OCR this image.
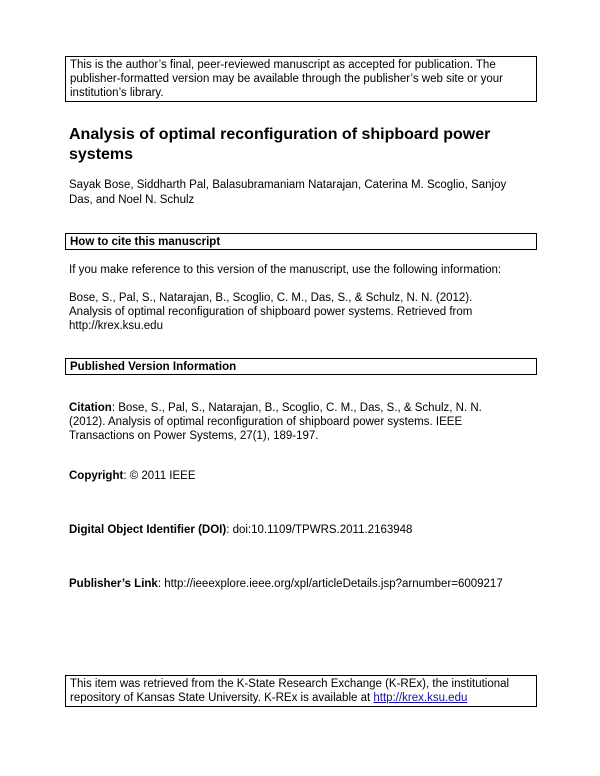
This is the author’s final, peer-reviewed manuscript as accepted for publication. The
publisher-formatted version may be available through the publisher’s web site or your
institution’s library.
Analysis of optimal reconfiguration of shipboard power
systems
Sayak Bose, Siddharth Pal, Balasubramaniam Natarajan, Caterina M. Scoglio, Sanjoy
Das, and Noel N. Schulz
How to cite this manuscript
If you make reference to this version of the manuscript, use the following information:
Bose, S., Pal, S., Natarajan, B., Scoglio, C. M., Das, S., & Schulz, N. N. (2012).
Analysis of optimal reconfiguration of shipboard power systems. Retrieved from
http://krex.ksu.edu
Published Version Information
Citation: Bose, S., Pal, S., Natarajan, B., Scoglio, C. M., Das, S., & Schulz, N. N.
(2012). Analysis of optimal reconfiguration of shipboard power systems. IEEE
Transactions on Power Systems, 27(1), 189-197.
Copyright: © 2011 IEEE
Digital Object Identifier (DOI): doi:10.1109/TPWRS.2011.2163948
Publisher’s Link: http://ieeexplore.ieee.org/xpl/articleDetails.jsp?arnumber=6009217
This item was retrieved from the K-State Research Exchange (K-REx), the institutional
repository of Kansas State University. K-REx is available at http://krex.ksu.edu
